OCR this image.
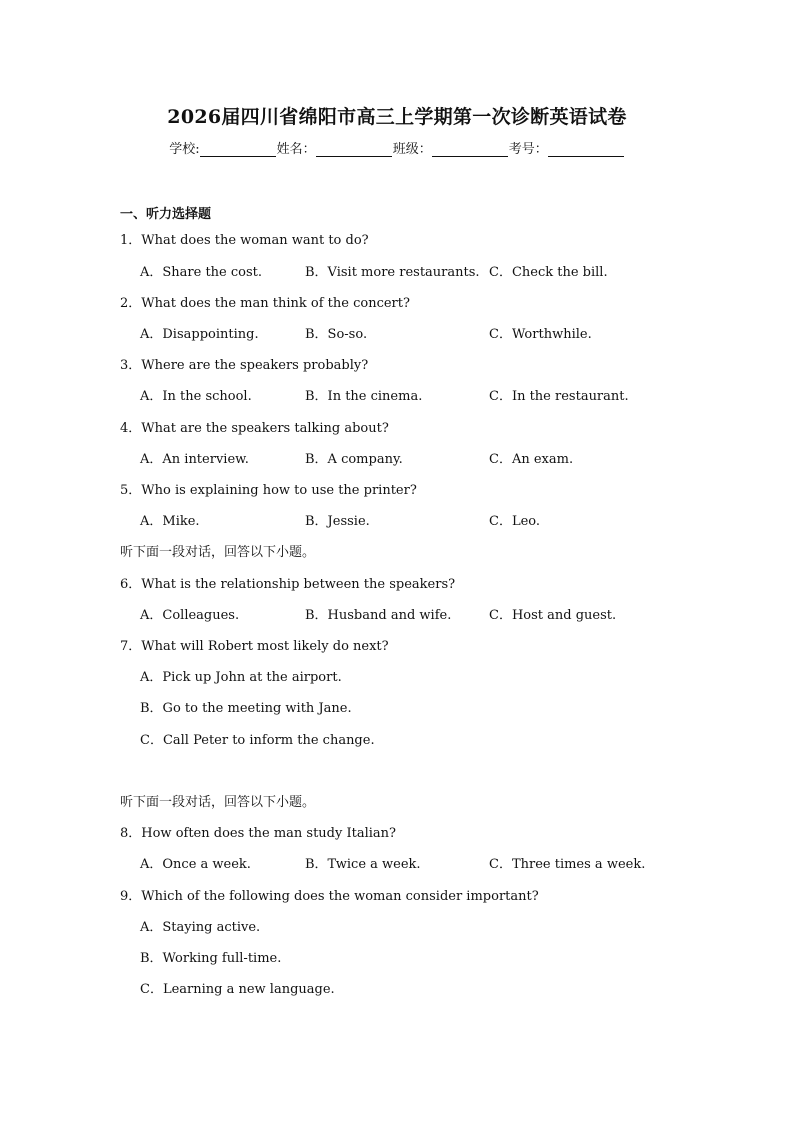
2026届四川省绵阳市高三上学期第一次诊断英语试卷
学校:	姓名：	班级：	考号：
一、听力选择题
1．What does the woman want to do?
A．Share the cost.	B．Visit more restaurants. C．Check the bill.
2．What does the man think of the concert?
A．Disappointing.	B．So-so.	C．Worthwhile.
3．Where are the speakers probably?
A．In the school.	B．In the cinema.	C．In the restaurant.
4．What are the speakers talking about?
A．An interview.	B．A company.	C．An exam.
5．Who is explaining how to use the printer?
A．Mike.	B．Jessie.	C．Leo.
听下面一段对话，回答以下小题。
6．What is the relationship between the speakers?
A．Colleagues.	B．Husband and wife.	C．Host and guest.
7．What will Robert most likely do next?
A．Pick up John at the airport.
B．Go to the meeting with Jane.
C．Call Peter to inform the change.
听下面一段对话，回答以下小题。
8．How often does the man study Italian?
A．Once a week.	B．Twice a week.	C．Three times a week.
9．Which of the following does the woman consider important?
A．Staying active.
B．Working full-time.
C．Learning a new language.
